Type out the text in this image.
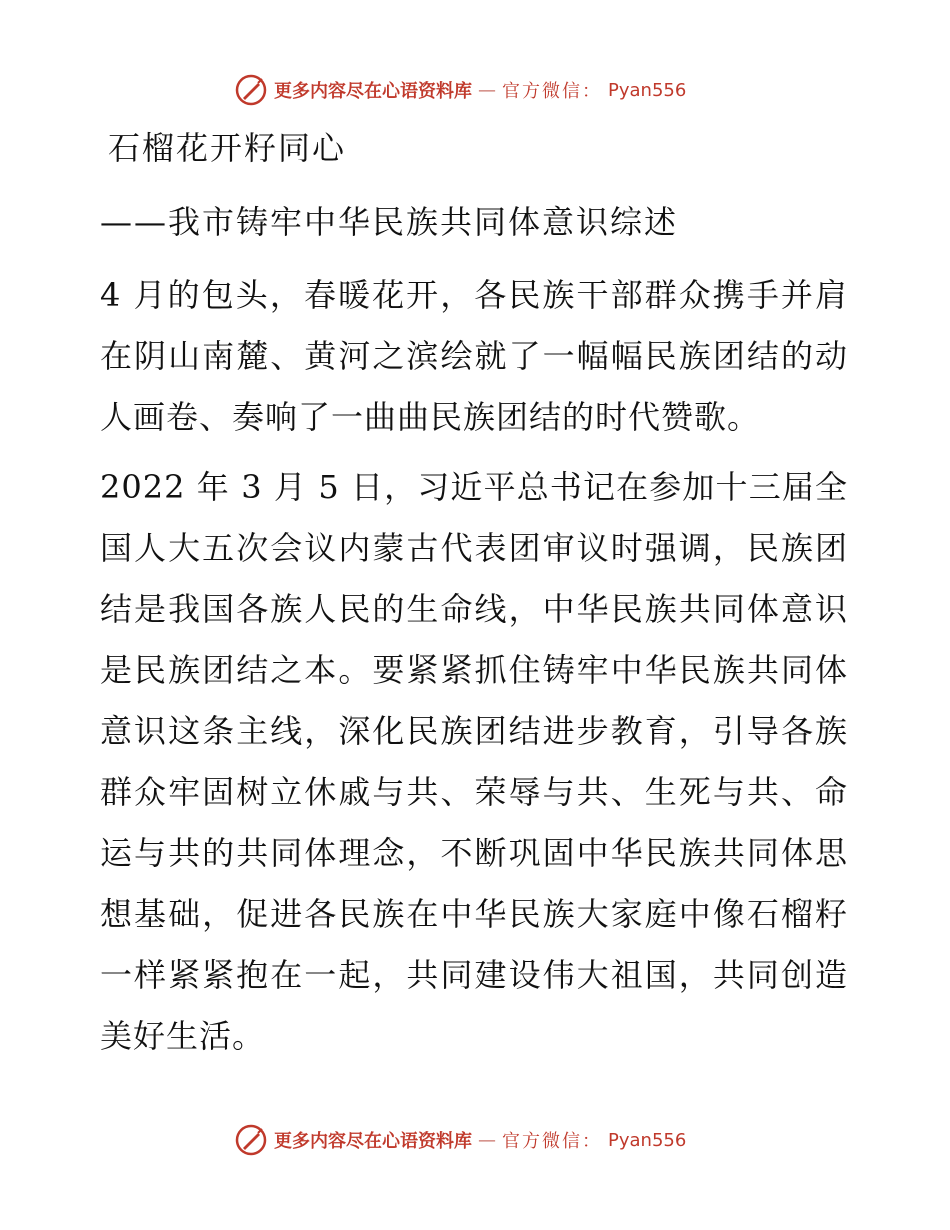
更多内容尽在心语资料库 — 官方微信： Pyan556
石榴花开籽同心

——我市铸牢中华民族共同体意识综述

4 月的包头，春暖花开，各民族干部群众携手并肩在阴山南麓、黄河之滨绘就了一幅幅民族团结的动人画卷、奏响了一曲曲民族团结的时代赞歌。

2022 年 3 月 5 日，习近平总书记在参加十三届全国人大五次会议内蒙古代表团审议时强调，民族团结是我国各族人民的生命线，中华民族共同体意识是民族团结之本。要紧紧抓住铸牢中华民族共同体意识这条主线，深化民族团结进步教育，引导各族群众牢固树立休戚与共、荣辱与共、生死与共、命运与共的共同体理念，不断巩固中华民族共同体思想基础，促进各民族在中华民族大家庭中像石榴籽一样紧紧抱在一起，共同建设伟大祖国，共同创造美好生活。

更多内容尽在心语资料库 — 官方微信： Pyan556
